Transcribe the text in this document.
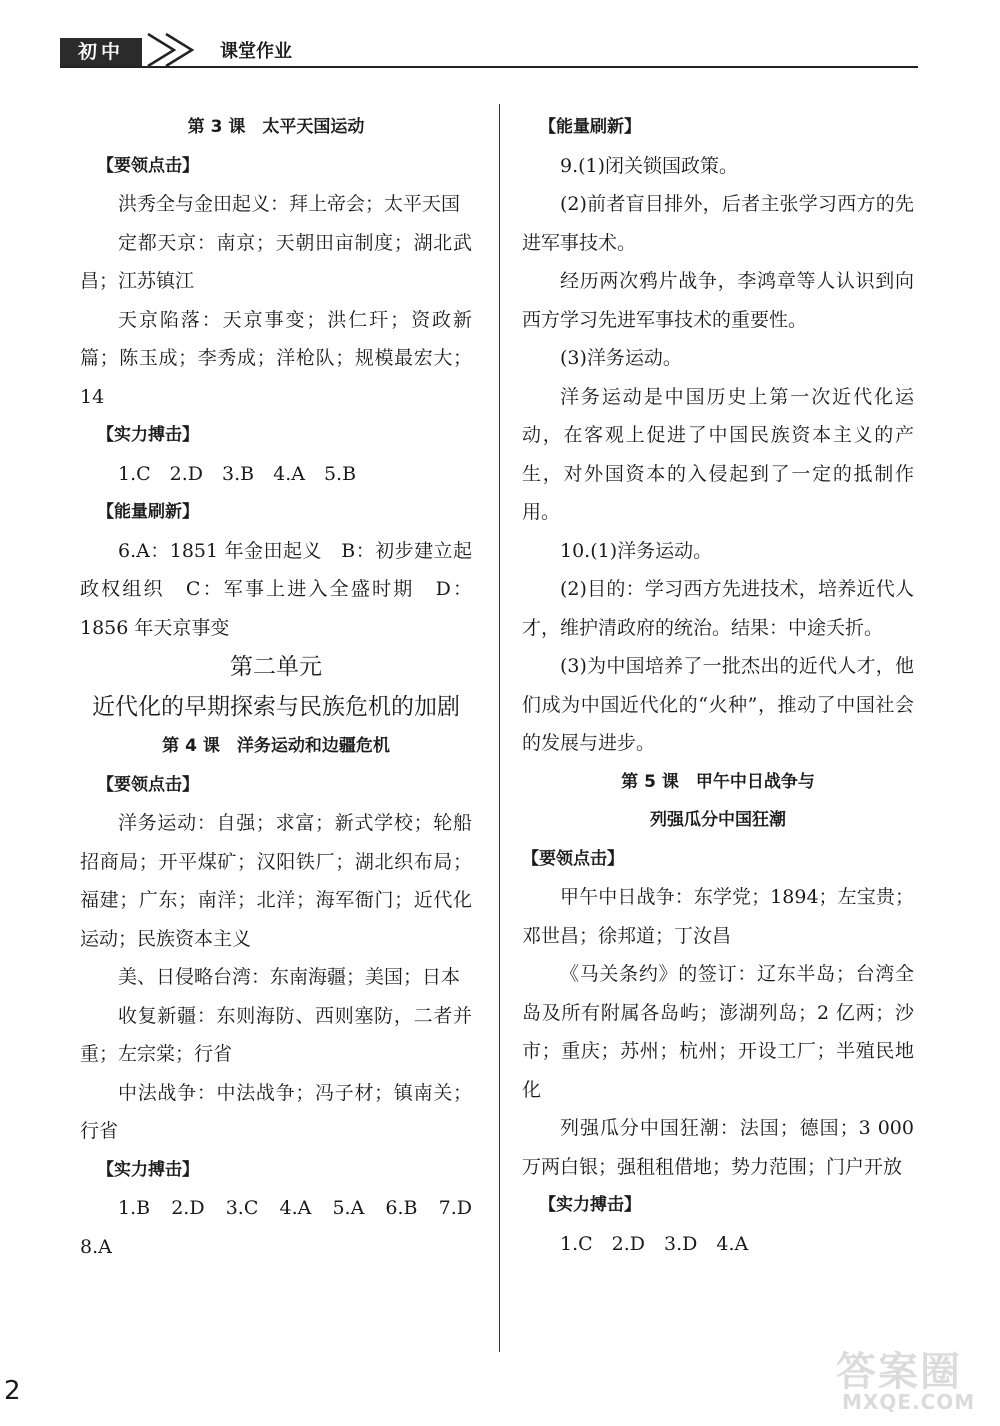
初中	课堂作业

第 3 课　太平天国运动

【要领点击】

洪秀全与金田起义：拜上帝会；太平天国

定都天京：南京；天朝田亩制度；湖北武昌；江苏镇江

天京陷落：天京事变；洪仁玕；资政新篇；陈玉成；李秀成；洋枪队；规模最宏大；14

【实力搏击】

1.C　2.D　3.B　4.A　5.B

【能量刷新】

6.A：1851 年金田起义　B：初步建立起政权组织　C：军事上进入全盛时期　D：1856 年天京事变

第二单元

近代化的早期探索与民族危机的加剧

第 4 课　洋务运动和边疆危机

【要领点击】

洋务运动：自强；求富；新式学校；轮船招商局；开平煤矿；汉阳铁厂；湖北织布局；福建；广东；南洋；北洋；海军衙门；近代化运动；民族资本主义

美、日侵略台湾：东南海疆；美国；日本

收复新疆：东则海防、西则塞防，二者并重；左宗棠；行省

中法战争：中法战争；冯子材；镇南关；行省

【实力搏击】

1.B　2.D　3.C　4.A　5.A　6.B　7.D　8.A

【能量刷新】

9.(1)闭关锁国政策。

(2)前者盲目排外，后者主张学习西方的先进军事技术。

经历两次鸦片战争，李鸿章等人认识到向西方学习先进军事技术的重要性。

(3)洋务运动。

洋务运动是中国历史上第一次近代化运动，在客观上促进了中国民族资本主义的产生，对外国资本的入侵起到了一定的抵制作用。

10.(1)洋务运动。

(2)目的：学习西方先进技术，培养近代人才，维护清政府的统治。结果：中途夭折。

(3)为中国培养了一批杰出的近代人才，他们成为中国近代化的“火种”，推动了中国社会的发展与进步。

第 5 课　甲午中日战争与

列强瓜分中国狂潮

【要领点击】

甲午中日战争：东学党；1894；左宝贵；邓世昌；徐邦道；丁汝昌

《马关条约》的签订：辽东半岛；台湾全岛及所有附属各岛屿；澎湖列岛；2 亿两；沙市；重庆；苏州；杭州；开设工厂；半殖民地化

列强瓜分中国狂潮：法国；德国；3 000万两白银；强租租借地；势力范围；门户开放

【实力搏击】

1.C　2.D　3.D　4.A

2	答案圈
MXQE.COM
